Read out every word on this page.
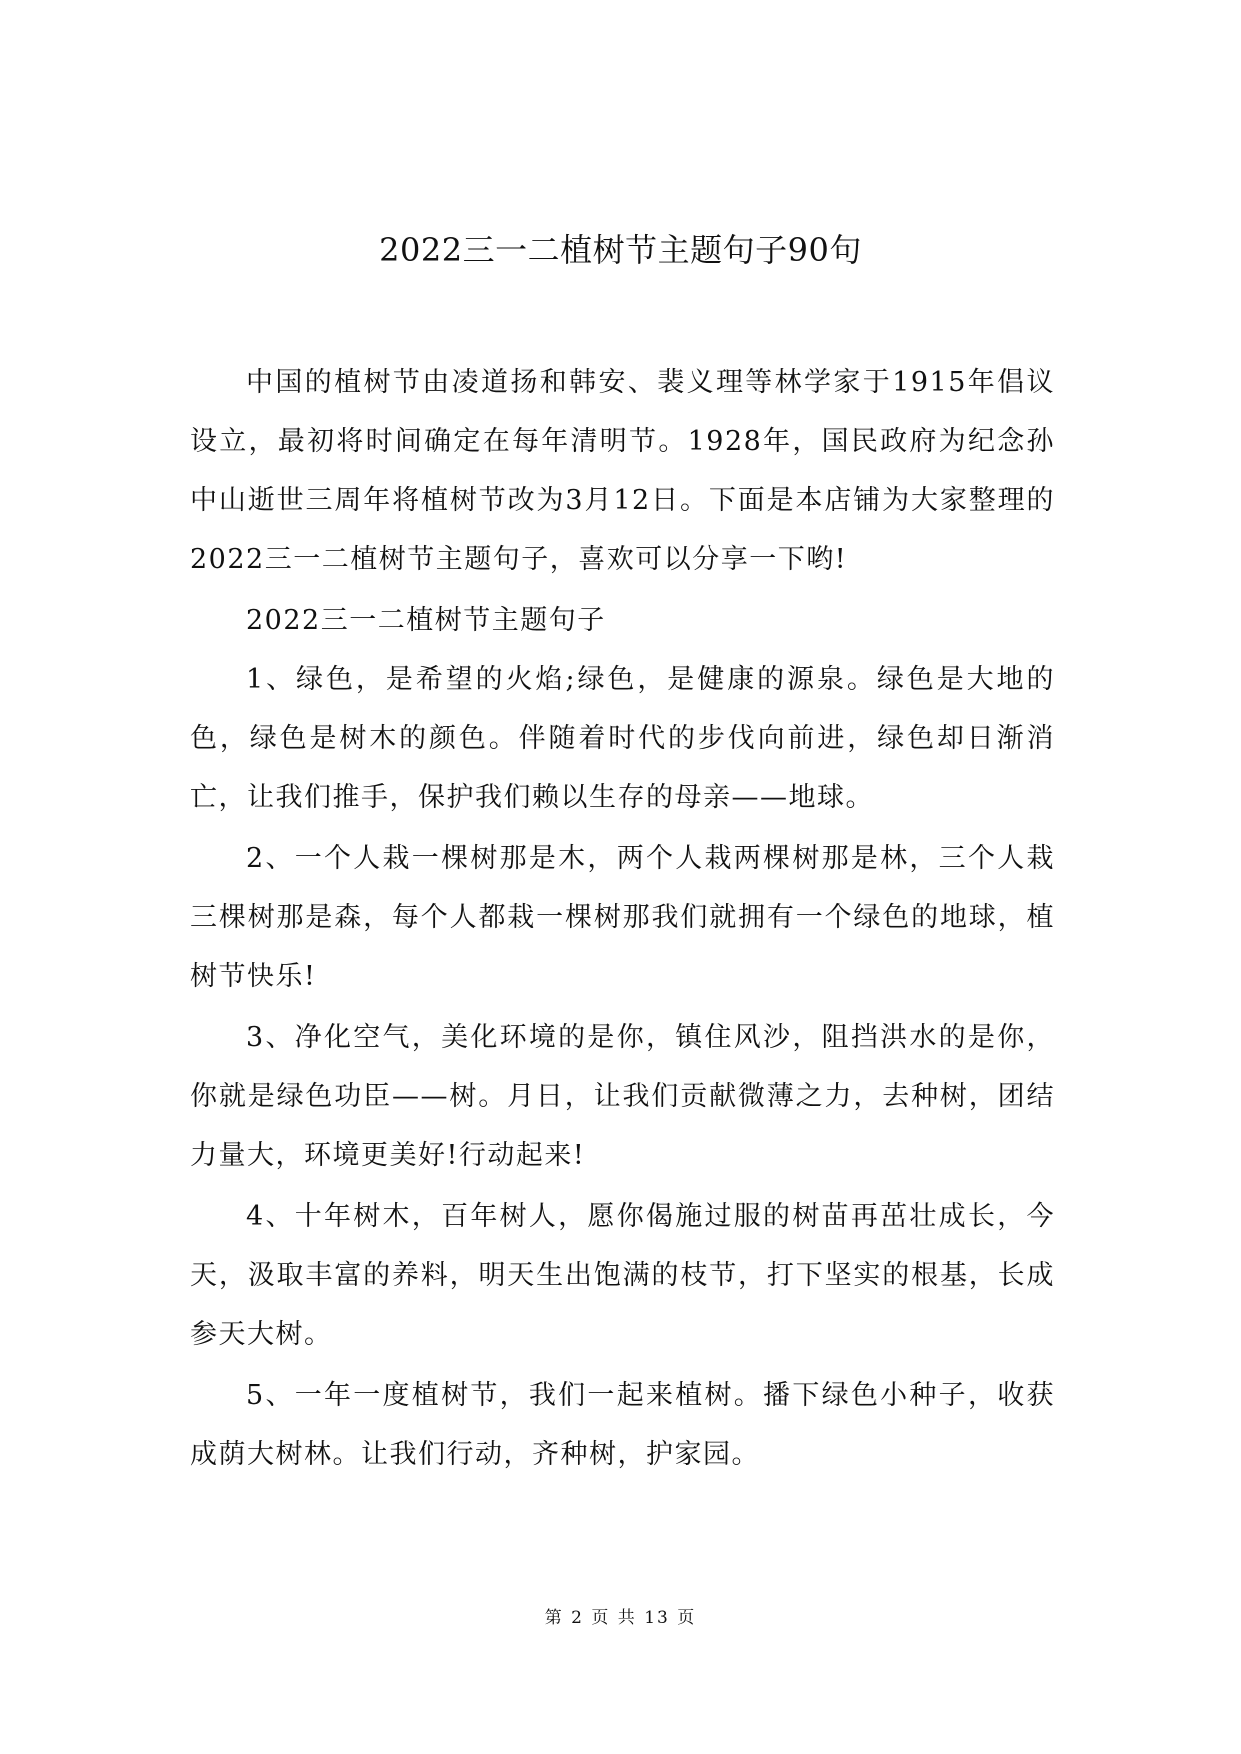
2022三一二植树节主题句子90句

中国的植树节由凌道扬和韩安、裴义理等林学家于1915年倡议设立，最初将时间确定在每年清明节。1928年，国民政府为纪念孙中山逝世三周年将植树节改为3月12日。下面是本店铺为大家整理的2022三一二植树节主题句子，喜欢可以分享一下哟!

2022三一二植树节主题句子

1、绿色，是希望的火焰;绿色，是健康的源泉。绿色是大地的色，绿色是树木的颜色。伴随着时代的步伐向前进，绿色却日渐消亡，让我们推手，保护我们赖以生存的母亲——地球。

2、一个人栽一棵树那是木，两个人栽两棵树那是林，三个人栽三棵树那是森，每个人都栽一棵树那我们就拥有一个绿色的地球，植树节快乐!

3、净化空气，美化环境的是你，镇住风沙，阻挡洪水的是你，你就是绿色功臣——树。月日，让我们贡献微薄之力，去种树，团结力量大，环境更美好!行动起来!

4、十年树木，百年树人，愿你偈施过服的树苗再茁壮成长，今天，汲取丰富的养料，明天生出饱满的枝节，打下坚实的根基，长成参天大树。

5、一年一度植树节，我们一起来植树。播下绿色小种子，收获成荫大树林。让我们行动，齐种树，护家园。

第 2 页 共 13 页
